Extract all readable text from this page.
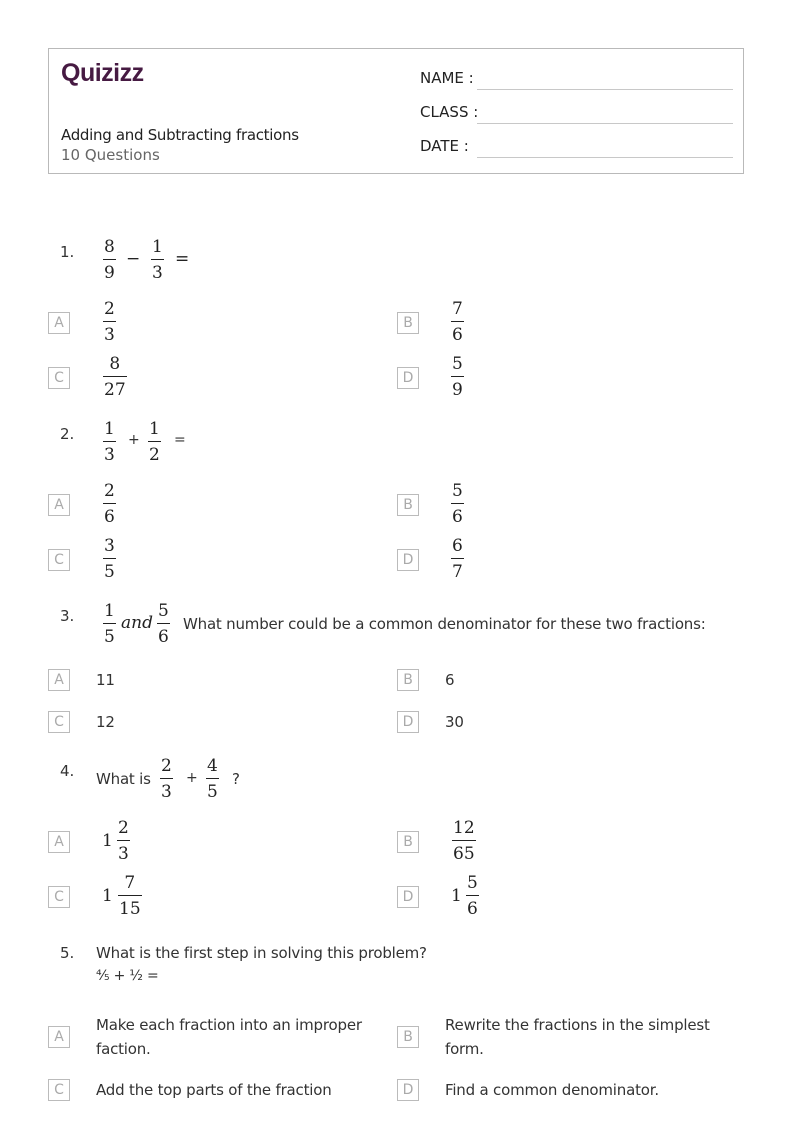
Quizizz
Adding and Subtracting fractions
10 Questions
NAME :
CLASS :
DATE :
1. 8
9
−
1
3
=
A
2
3
B
7
6
C
8
27
D
5
9
2. 1
3
+
1
2
=
A
2
6
B
5
6
C
3
5
D
6
7
3. 1
5
and
5
6
What number could be a common denominator for these two fractions:
A	11	B	6
C	12	D	30
4. What is
2
3
+
4
5
?
A	1
2
3
B
12
65
C	1
7
15
D	1
5
6
5. What is the first step in solving this problem?
⅘ + ½ =
A
Make each fraction into an improper faction.
B
Rewrite the fractions in the simplest form.
C	Add the top parts of the fraction	D	Find a common denominator.
